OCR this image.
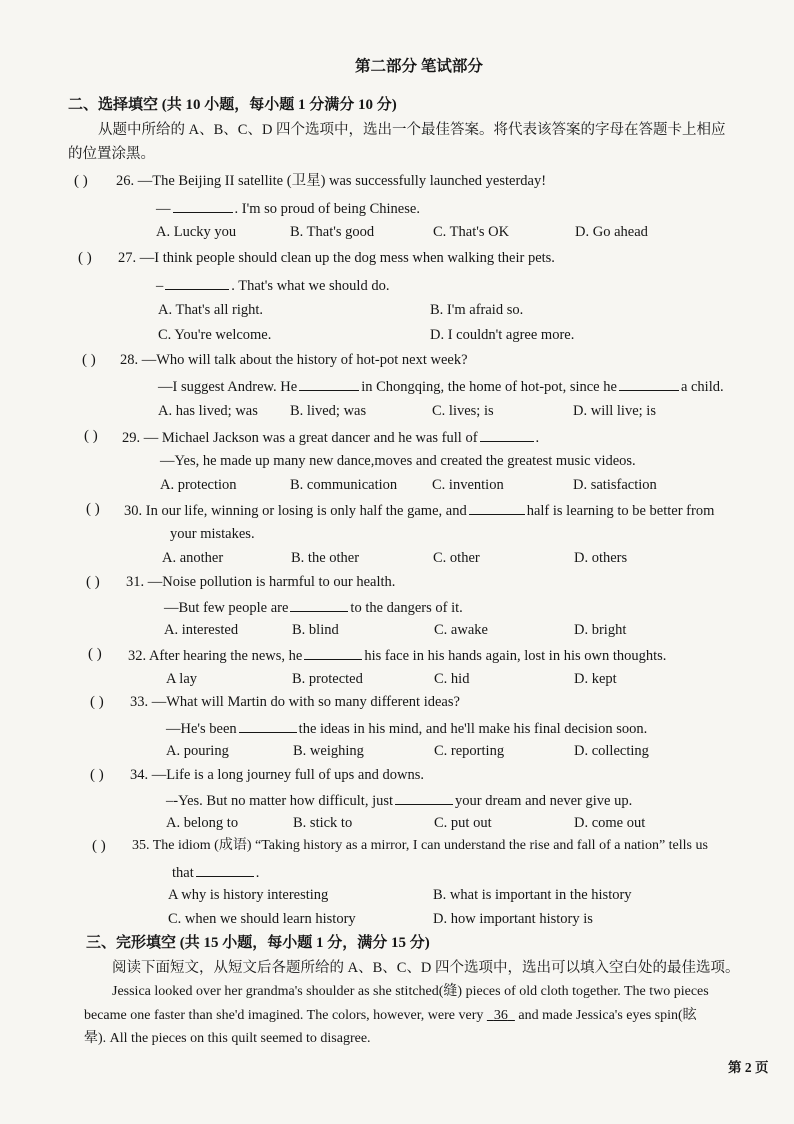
第二部分 笔试部分
二、选择填空 (共 10 小题，每小题 1 分满分 10 分)
从题中所给的 A、B、C、D 四个选项中，选出一个最佳答案。将代表该答案的字母在答题卡上相应
的位置涂黑。
( ) 26. —The Beijing II satellite (卫星) was successfully launched yesterday!
—	. I'm so proud of being Chinese.
A. Lucky you	B. That's good	C. That's OK	D. Go ahead
( ) 27. —I think people should clean up the dog mess when walking their pets.
–	. That's what we should do.
A. That's all right.	B. I'm afraid so.
C. You're welcome.	D. I couldn't agree more.
( ) 28. —Who will talk about the history of hot-pot next week?
—I suggest Andrew. He	in Chongqing, the home of hot-pot, since he	a child.
A. has lived; was B. lived; was	C. lives; is	D. will live; is
( ) 29. — Michael Jackson was a great dancer and he was full of	.
—Yes, he made up many new dance,moves and created the greatest music videos.
A. protection	B. communication C. invention	D. satisfaction
( ) 30. In our life, winning or losing is only half the game, and	half is learning to be better from
your mistakes.
A. another	B. the other	C. other	D. others
( ) 31. —Noise pollution is harmful to our health.
—But few people are	to the dangers of it.
A. interested	B. blind	C. awake	D. bright
( ) 32. After hearing the news, he	his face in his hands again, lost in his own thoughts.
A lay	B. protected	C. hid	D. kept
( ) 33. —What will Martin do with so many different ideas?
—He's been	the ideas in his mind, and he'll make his final decision soon.
A. pouring	B. weighing	C. reporting	D. collecting
( ) 34. —Life is a long journey full of ups and downs.
–-Yes. But no matter how difficult, just	your dream and never give up.
A. belong to	B. stick to	C. put out	D. come out
( ) 35. The idiom (成语) “Taking history as a mirror, I can understand the rise and fall of a nation” tells us
that	.
A why is history interesting	B. what is important in the history
C. when we should learn history	D. how important history is
三、完形填空 (共 15 小题，每小题 1 分，满分 15 分)
阅读下面短文，从短文后各题所给的 A、B、C、D 四个选项中，选出可以填入空白处的最佳选项。
Jessica looked over her grandma's shoulder as she stitched(缝) pieces of old cloth together. The two pieces
became one faster than she'd imagined. The colors, however, were very 36 and made Jessica's eyes spin(眩
晕). All the pieces on this quilt seemed to disagree.
第 2 页
